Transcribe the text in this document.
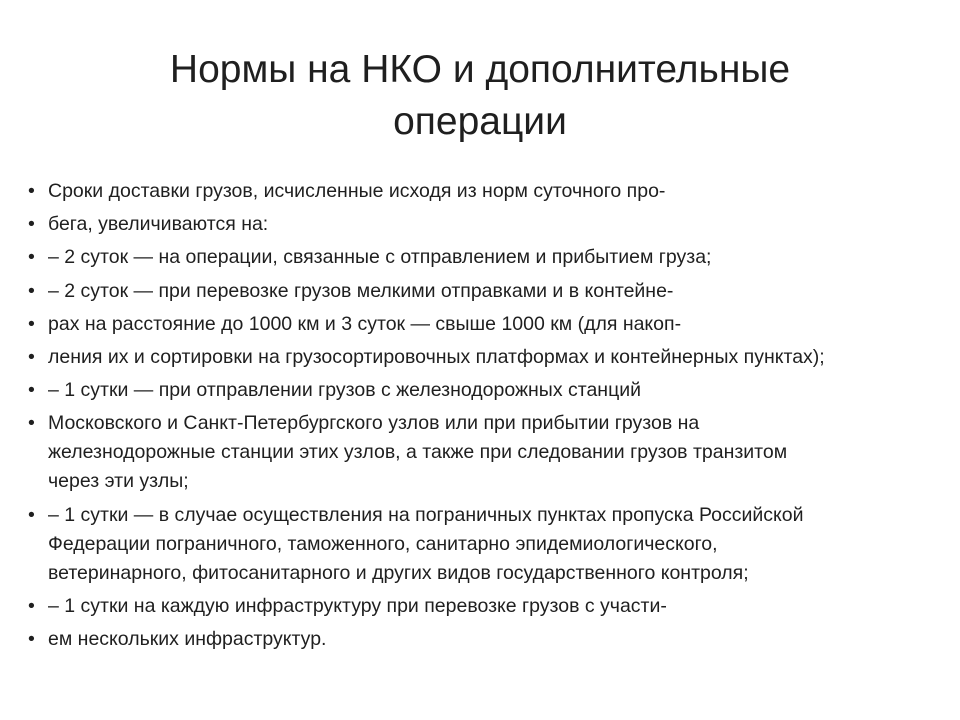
Нормы на НКО и дополнительные
операции
• Сроки доставки грузов, исчисленные исходя из норм суточного про-
• бега, увеличиваются на:
• – 2 суток — на операции, связанные с отправлением и прибытием груза;
• – 2 суток — при перевозке грузов мелкими отправками и в контейне-
• рах на расстояние до 1000 км и 3 суток — свыше 1000 км (для накоп-
• ления их и сортировки на грузосортировочных платформах и контейнерных пунктах);
• – 1 сутки — при отправлении грузов с железнодорожных станций
• Московского и Санкт-Петербургского узлов или при прибытии грузов на
железнодорожные станции этих узлов, а также при следовании грузов транзитом
через эти узлы;
• – 1 сутки — в случае осуществления на пограничных пунктах пропуска Российской
Федерации пограничного, таможенного, санитарно эпидемиологического,
ветеринарного, фитосанитарного и других видов государственного контроля;
• – 1 сутки на каждую инфраструктуру при перевозке грузов с участи-
• ем нескольких инфраструктур.
